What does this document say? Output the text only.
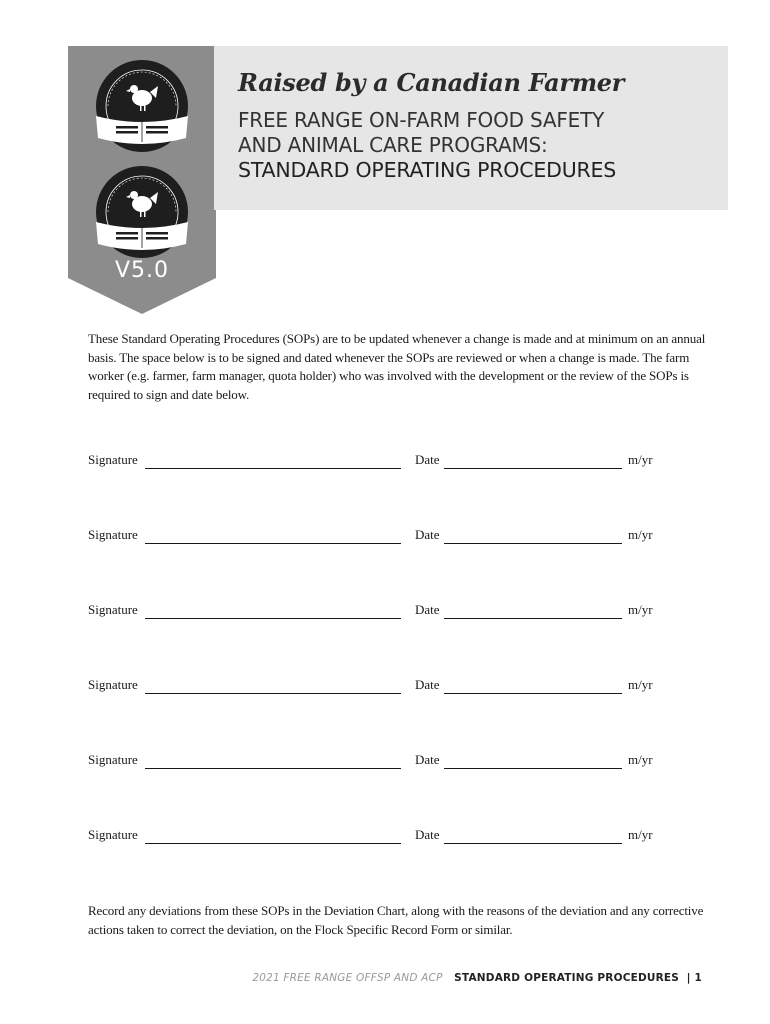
V5.0
Raised by a Canadian Farmer
FREE RANGE ON-FARM FOOD SAFETY
AND ANIMAL CARE PROGRAMS:
STANDARD OPERATING PROCEDURES

These Standard Operating Procedures (SOPs) are to be updated whenever a change is made and at minimum on an annual basis. The space below is to be signed and dated whenever the SOPs are reviewed or when a change is made. The farm worker (e.g. farmer, farm manager, quota holder) who was involved with the development or the review of the SOPs is required to sign and date below.

Signature	Date	m/yr
Signature	Date	m/yr
Signature	Date	m/yr
Signature	Date	m/yr
Signature	Date	m/yr
Signature	Date	m/yr

Record any deviations from these SOPs in the Deviation Chart, along with the reasons of the deviation and any corrective actions taken to correct the deviation, on the Flock Specific Record Form or similar.

2021 FREE RANGE OFFSP AND ACP STANDARD OPERATING PROCEDURES | 1
